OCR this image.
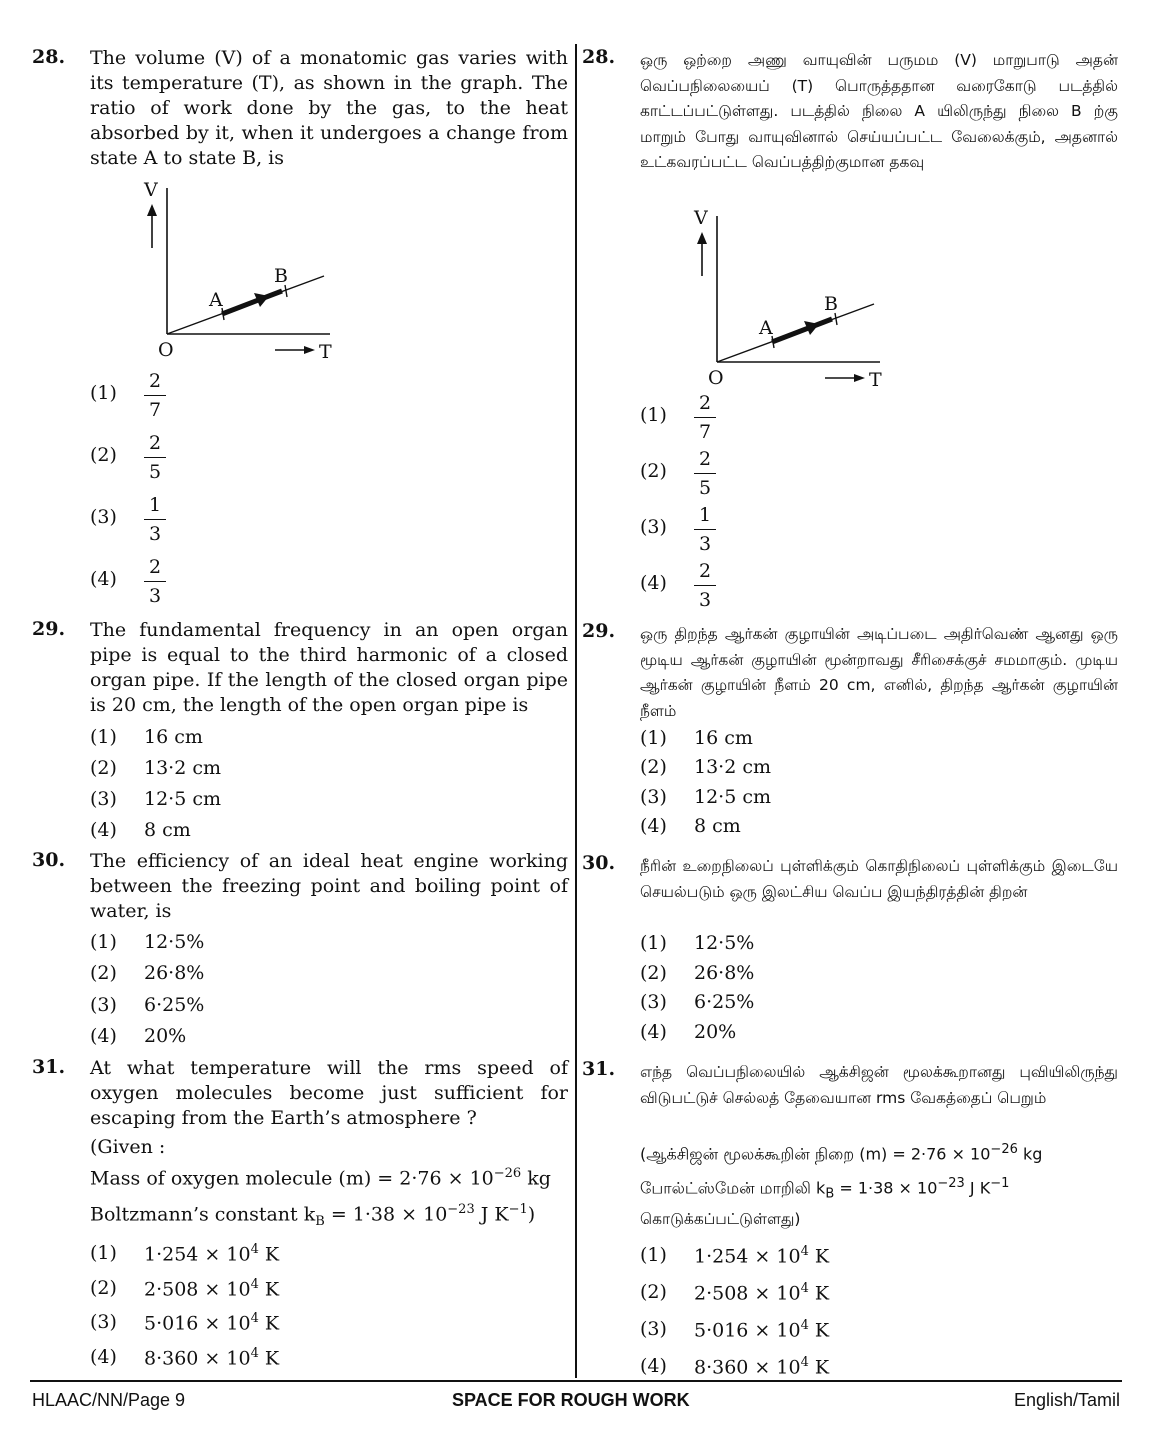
28. The volume (V) of a monatomic gas varies with its temperature (T), as shown in the graph. The ratio of work done by the gas, to the heat absorbed by it, when it undergoes a change from state A to state B, is
V
A
B
O	T
(1)
2
7
(2)
2
5
(3)
1
3
(4)
2
3
29. The fundamental frequency in an open organ pipe is equal to the third harmonic of a closed organ pipe. If the length of the closed organ pipe is 20 cm, the length of the open organ pipe is
(1)	16 cm
(2)	13·2 cm
(3)	12·5 cm
(4)	8 cm
30. The efficiency of an ideal heat engine working between the freezing point and boiling point of water, is
(1)	12·5%
(2)	26·8%
(3)	6·25%
(4)	20%
31. At what temperature will the rms speed of oxygen molecules become just sufficient for escaping from the Earth’s atmosphere ?
(Given :
Mass of oxygen molecule $(m) = 2\cdot 76 \times 10^{-26}$ kg
Boltzmann’s constant $k_B = 1\cdot 38 \times 10^{-23}$ J $K^{-1}$)
(1)	$1\cdot 254 \times 10^4$ K
(2)	$2\cdot 508 \times 10^4$ K
(3)	$5\cdot 016 \times 10^4$ K
(4)	$8\cdot 360 \times 10^4$ K
28. ஒரு ஒற்றை அணு வாயுவின் பருமம (V) மாறுபாடு அதன் வெப்பநிலையைப் (T) பொருத்ததான வரைகோடு படத்தில் காட்டப்பட்டுள்ளது. படத்தில் நிலை A யிலிருந்து நிலை B ற்கு மாறும் போது வாயுவினால் செய்யப்பட்ட வேலைக்கும், அதனால் உட்கவரப்பட்ட வெப்பத்திற்குமான தகவு
V
A
B
O	T
(1)
2
7
(2)
2
5
(3)
1
3
(4)
2
3
29. ஒரு திறந்த ஆர்கன் குழாயின் அடிப்படை அதிர்வெண் ஆனது ஒரு மூடிய ஆர்கன் குழாயின் மூன்றாவது சீரிசைக்குச் சமமாகும். முடிய ஆர்கன் குழாயின் நீளம் 20 cm, எனில், திறந்த ஆர்கன் குழாயின் நீளம்
(1)	16 cm
(2)	13·2 cm
(3)	12·5 cm
(4)	8 cm
30. நீரின் உறைநிலைப் புள்ளிக்கும் கொதிநிலைப் புள்ளிக்கும் இடையே செயல்படும் ஒரு இலட்சிய வெப்ப இயந்திரத்தின் திறன்
(1)	12·5%
(2)	26·8%
(3)	6·25%
(4)	20%
31. எந்த வெப்பநிலையில் ஆக்சிஜன் மூலக்கூறானது புவியிலிருந்து விடுபட்டுச் செல்லத் தேவையான rms வேகத்தைப் பெறும்
(ஆக்சிஜன் மூலக்கூறின் நிறை $(m) = 2\cdot 76 \times 10^{-26}$ kg
போல்ட்ஸ்மேன் மாறிலி $k_B = 1\cdot 38 \times 10^{-23}$ J $K^{-1}$
கொடுக்கப்பட்டுள்ளது)
(1)	$1\cdot 254 \times 10^4$ K
(2)	$2\cdot 508 \times 10^4$ K
(3)	$5\cdot 016 \times 10^4$ K
(4)	$8\cdot 360 \times 10^4$ K
HLAAC/NN/Page 9	SPACE FOR ROUGH WORK	English/Tamil
